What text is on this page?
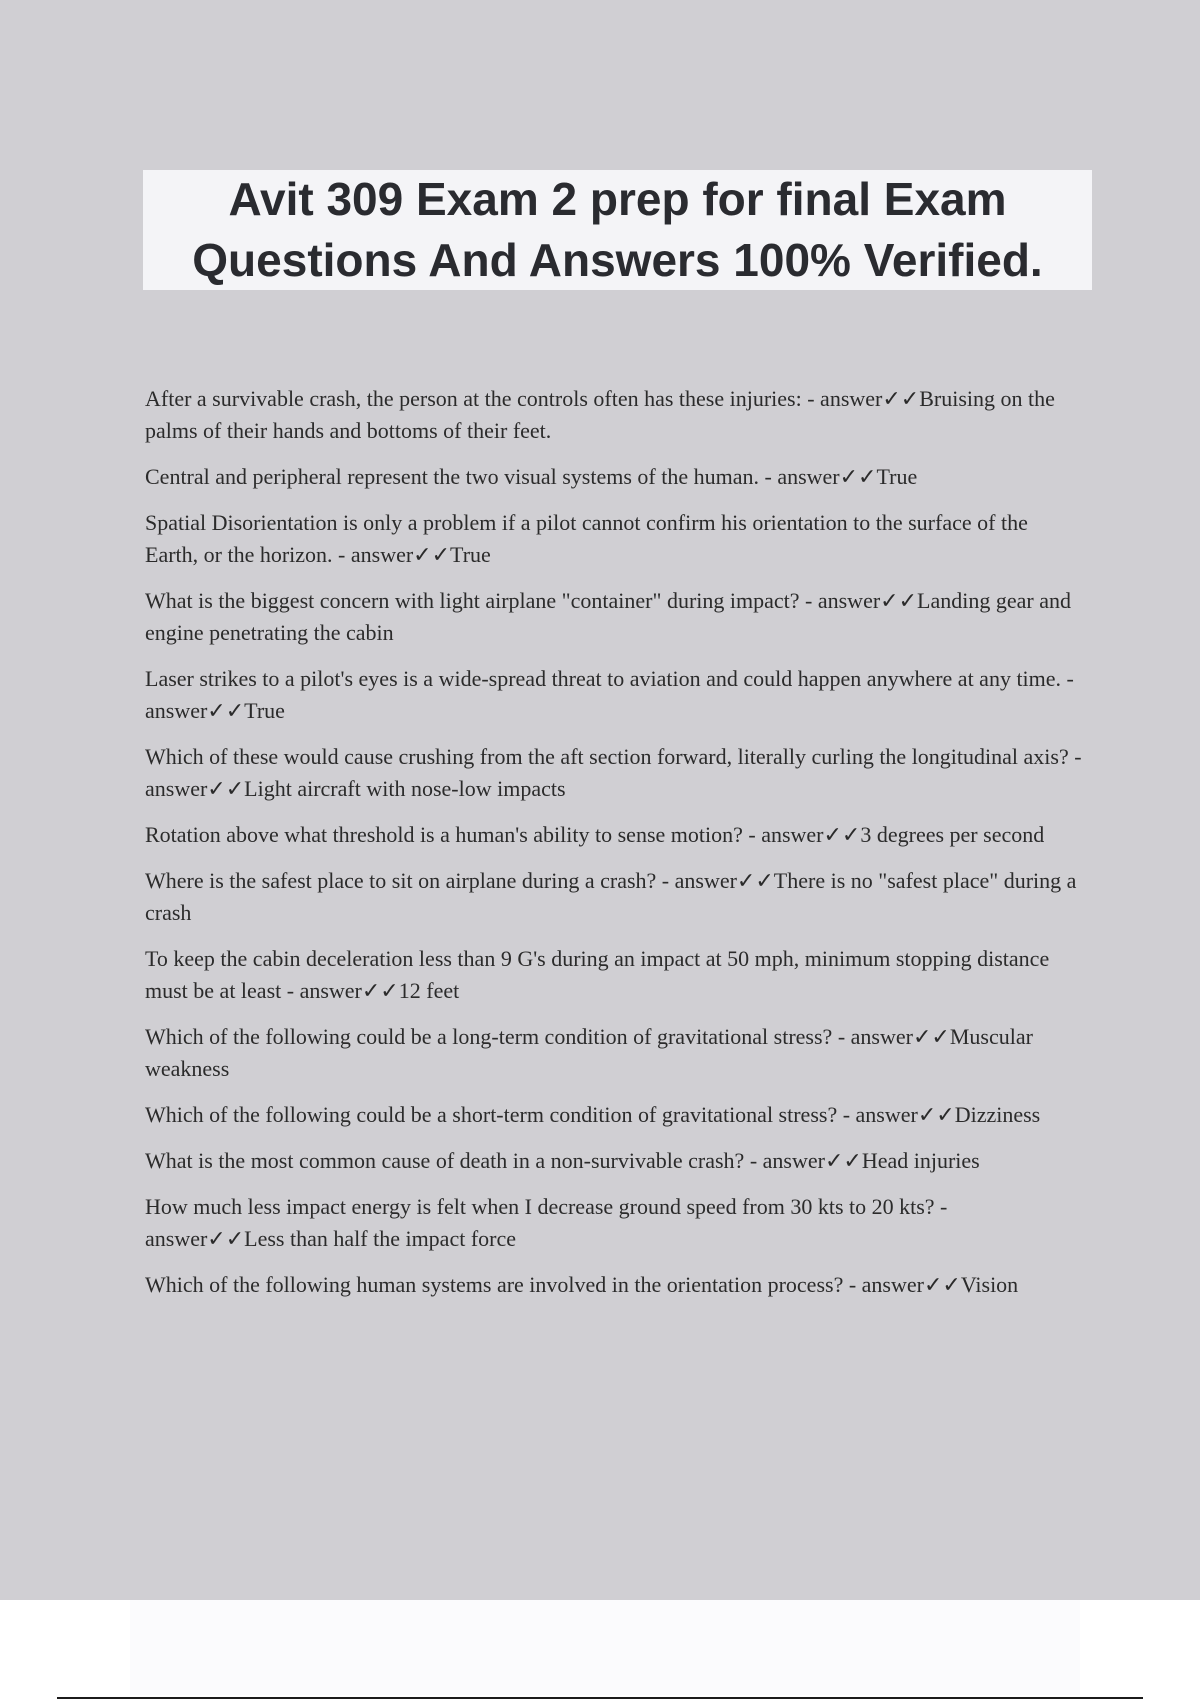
Avit 309 Exam 2 prep for final Exam
Questions And Answers 100% Verified.
After a survivable crash, the person at the controls often has these injuries: - answer✓✓Bruising on the palms of their hands and bottoms of their feet.
Central and peripheral represent the two visual systems of the human. - answer✓✓True
Spatial Disorientation is only a problem if a pilot cannot confirm his orientation to the surface of the Earth, or the horizon. - answer✓✓True
What is the biggest concern with light airplane "container" during impact? - answer✓✓Landing gear and engine penetrating the cabin
Laser strikes to a pilot's eyes is a wide-spread threat to aviation and could happen anywhere at any time. - answer✓✓True
Which of these would cause crushing from the aft section forward, literally curling the longitudinal axis? - answer✓✓Light aircraft with nose-low impacts
Rotation above what threshold is a human's ability to sense motion? - answer✓✓3 degrees per second
Where is the safest place to sit on airplane during a crash? - answer✓✓There is no "safest place" during a crash
To keep the cabin deceleration less than 9 G's during an impact at 50 mph, minimum stopping distance must be at least - answer✓✓12 feet
Which of the following could be a long-term condition of gravitational stress? - answer✓✓Muscular weakness
Which of the following could be a short-term condition of gravitational stress? - answer✓✓Dizziness
What is the most common cause of death in a non-survivable crash? - answer✓✓Head injuries
How much less impact energy is felt when I decrease ground speed from 30 kts to 20 kts? - answer✓✓Less than half the impact force
Which of the following human systems are involved in the orientation process? - answer✓✓Vision
